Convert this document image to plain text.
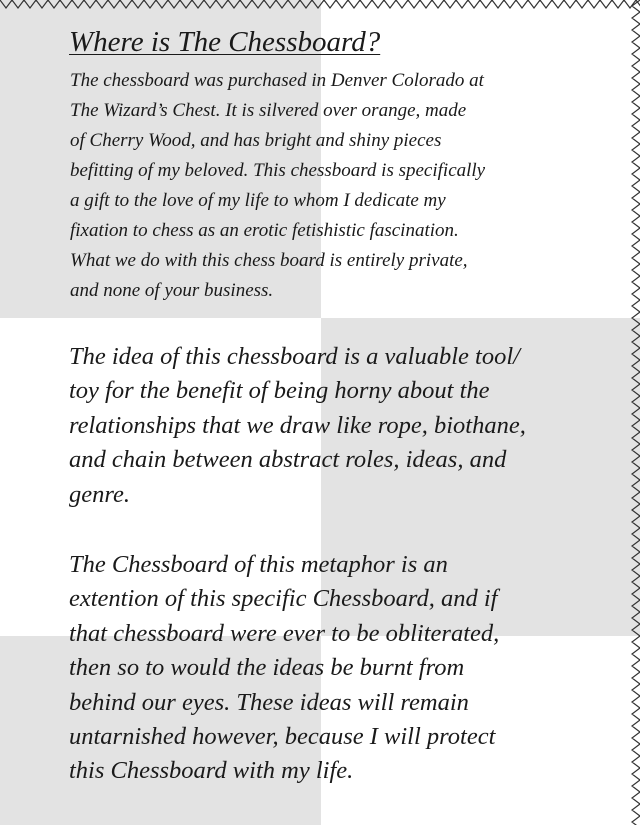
Where is The Chessboard?
The chessboard was purchased in Denver Colorado at
The Wizard’s Chest. It is silvered over orange, made
of Cherry Wood, and has bright and shiny pieces
befitting of my beloved. This chessboard is specifically
a gift to the love of my life to whom I dedicate my
fixation to chess as an erotic fetishistic fascination.
What we do with this chess board is entirely private,
and none of your business.
The idea of this chessboard is a valuable tool/
toy for the benefit of being horny about the
relationships that we draw like rope, biothane,
and chain between abstract roles, ideas, and
genre.
The Chessboard of this metaphor is an
extention of this specific Chessboard, and if
that chessboard were ever to be obliterated,
then so to would the ideas be burnt from
behind our eyes. These ideas will remain
untarnished however, because I will protect
this Chessboard with my life.
